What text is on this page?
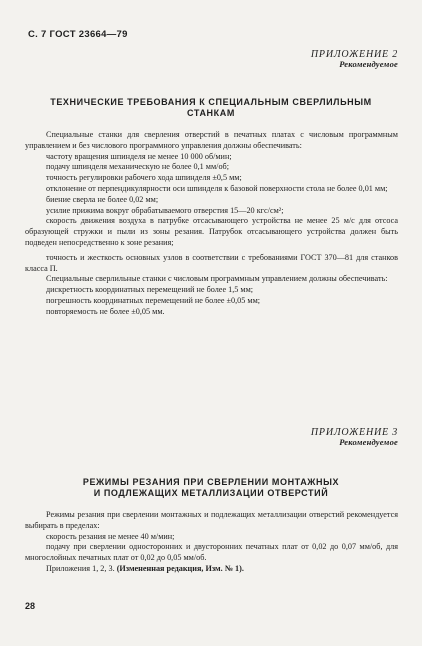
С. 7 ГОСТ 23664—79
ПРИЛОЖЕНИЕ 2
Рекомендуемое
ТЕХНИЧЕСКИЕ ТРЕБОВАНИЯ К СПЕЦИАЛЬНЫМ СВЕРЛИЛЬНЫМ
СТАНКАМ

Специальные станки для сверления отверстий в печатных платах с числовым программным управлением и без числового программного управления должны обеспечивать:

частоту вращения шпинделя не менее 10 000 об/мин;

подачу шпинделя механическую не более 0,1 мм/об;

точность регулировки рабочего хода шпинделя ±0,5 мм;

отклонение от перпендикулярности оси шпинделя к базовой поверхности стола не более 0,01 мм;

биение сверла не более 0,02 мм;

усилие прижима вокруг обрабатываемого отверстия 15—20 кгс/см²;

скорость движения воздуха в патрубке отсасывающего устройства не менее 25 м/с для отсоса образующей стружки и пыли из зоны резания. Патрубок отсасывающего устройства должен быть подведен непосредственно к зоне резания;

точность и жесткость основных узлов в соответствии с требованиями ГОСТ 370—81 для станков класса П.

Специальные сверлильные станки с числовым программным управлением должны обеспечивать:

дискретность координатных перемещений не более 1,5 мм;

погрешность координатных перемещений не более ±0,05 мм;

повторяемость не более ±0,05 мм.

ПРИЛОЖЕНИЕ 3
Рекомендуемое
РЕЖИМЫ РЕЗАНИЯ ПРИ СВЕРЛЕНИИ МОНТАЖНЫХ
И ПОДЛЕЖАЩИХ МЕТАЛЛИЗАЦИИ ОТВЕРСТИЙ

Режимы резания при сверлении монтажных и подлежащих металлизации отверстий рекомендуется выбирать в пределах:

скорость резания не менее 40 м/мин;

подачу при сверлении односторонних и двусторонних печатных плат от 0,02 до 0,07 мм/об, для многослойных печатных плат от 0,02 до 0,05 мм/об.

Приложения 1, 2, 3. (Измененная редакция, Изм. № 1).

28
